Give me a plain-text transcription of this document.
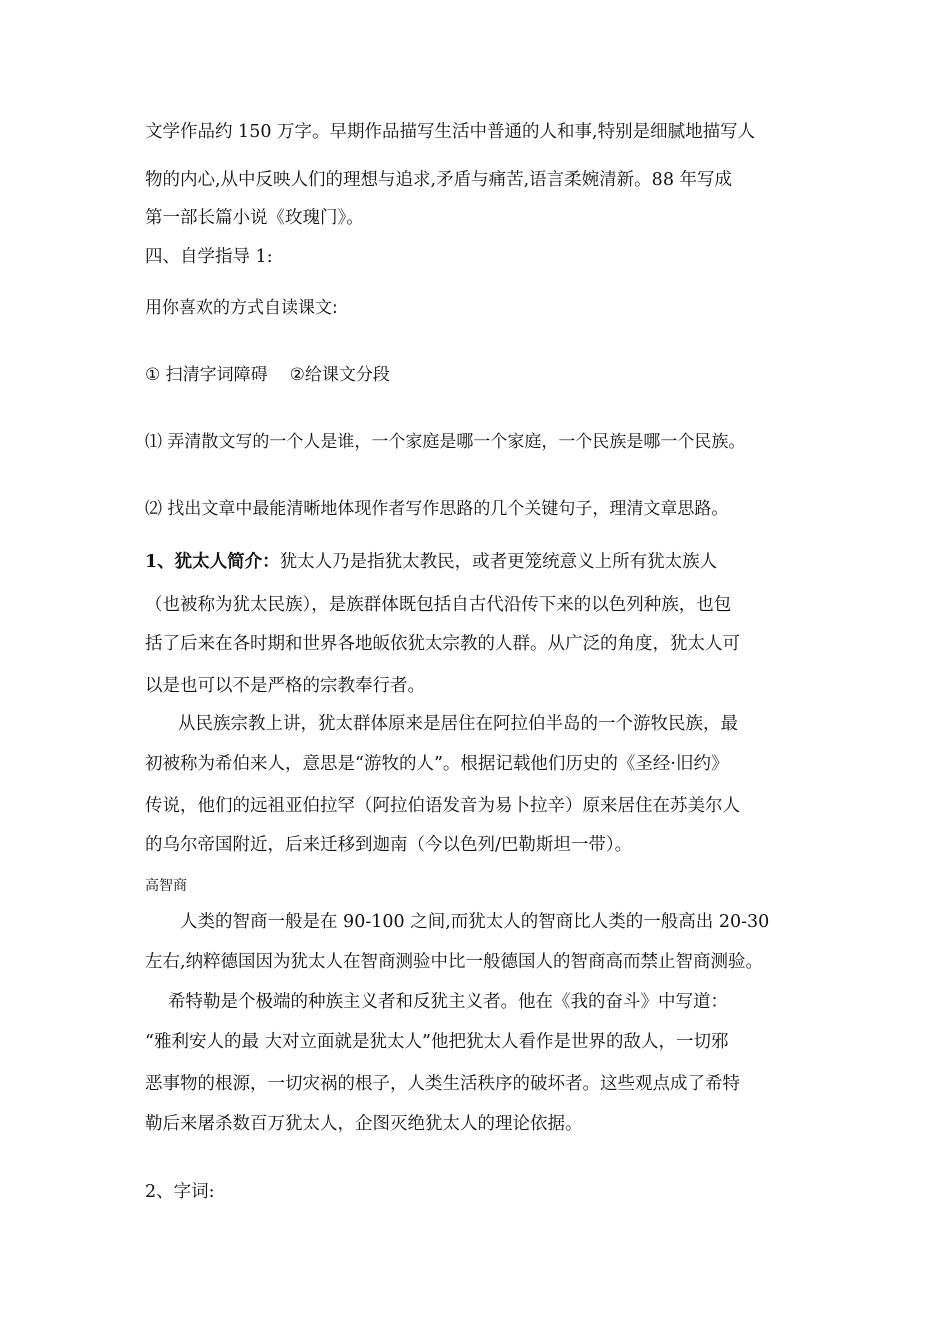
文学作品约 150 万字。早期作品描写生活中普通的人和事,特别是细腻地描写人
物的内心,从中反映人们的理想与追求,矛盾与痛苦,语言柔婉清新。88 年写成
第一部长篇小说《玫瑰门》。
四、自学指导 1:
用你喜欢的方式自读课文:
① 扫清字词障碍 ②给课文分段
⑴ 弄清散文写的一个人是谁，一个家庭是哪一个家庭，一个民族是哪一个民族。
⑵ 找出文章中最能清晰地体现作者写作思路的几个关键句子，理清文章思路。
1、犹太人简介：犹太人乃是指犹太教民，或者更笼统意义上所有犹太族人
（也被称为犹太民族），是族群体既包括自古代沿传下来的以色列种族，也包
括了后来在各时期和世界各地皈依犹太宗教的人群。从广泛的角度，犹太人可
以是也可以不是严格的宗教奉行者。
从民族宗教上讲，犹太群体原来是居住在阿拉伯半岛的一个游牧民族，最
初被称为希伯来人，意思是“游牧的人”。根据记载他们历史的《圣经·旧约》
传说，他们的远祖亚伯拉罕（阿拉伯语发音为易卜拉辛）原来居住在苏美尔人
的乌尔帝国附近，后来迁移到迦南（今以色列/巴勒斯坦一带）。
高智商
人类的智商一般是在 90-100 之间,而犹太人的智商比人类的一般高出 20-30
左右,纳粹德国因为犹太人在智商测验中比一般德国人的智商高而禁止智商测验。
希特勒是个极端的种族主义者和反犹主义者。他在《我的奋斗》中写道：
“雅利安人的最 大对立面就是犹太人”他把犹太人看作是世界的敌人，一切邪
恶事物的根源，一切灾祸的根子，人类生活秩序的破坏者。这些观点成了希特
勒后来屠杀数百万犹太人，企图灭绝犹太人的理论依据。
2、字词:
